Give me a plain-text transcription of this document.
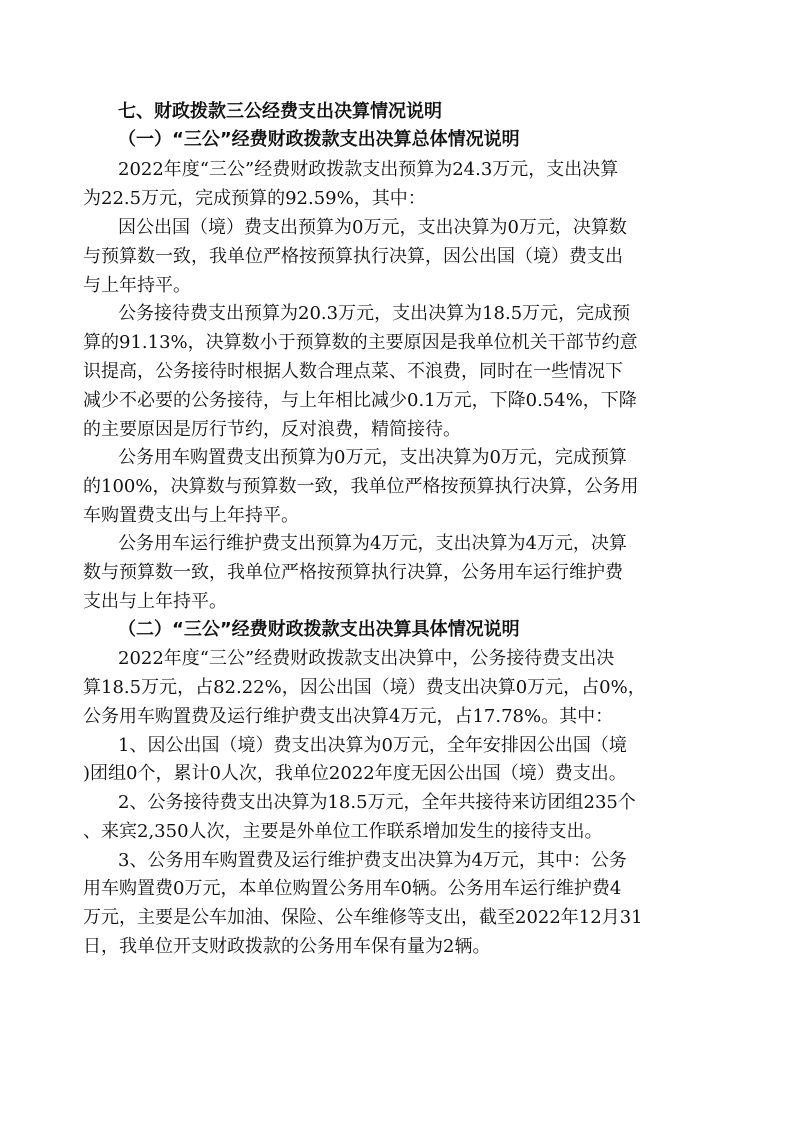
七、财政拨款三公经费支出决算情况说明
（一）“三公”经费财政拨款支出决算总体情况说明
2022年度“三公”经费财政拨款支出预算为24.3万元，支出决算
为22.5万元，完成预算的92.59%，其中：
因公出国（境）费支出预算为0万元，支出决算为0万元，决算数
与预算数一致，我单位严格按预算执行决算，因公出国（境）费支出
与上年持平。
公务接待费支出预算为20.3万元，支出决算为18.5万元，完成预
算的91.13%，决算数小于预算数的主要原因是我单位机关干部节约意
识提高，公务接待时根据人数合理点菜、不浪费，同时在一些情况下
减少不必要的公务接待，与上年相比减少0.1万元，下降0.54%，下降
的主要原因是厉行节约，反对浪费，精简接待。
公务用车购置费支出预算为0万元，支出决算为0万元，完成预算
的100%，决算数与预算数一致，我单位严格按预算执行决算，公务用
车购置费支出与上年持平。
公务用车运行维护费支出预算为4万元，支出决算为4万元，决算
数与预算数一致，我单位严格按预算执行决算，公务用车运行维护费
支出与上年持平。
（二）“三公”经费财政拨款支出决算具体情况说明
2022年度“三公”经费财政拨款支出决算中，公务接待费支出决
算18.5万元，占82.22%，因公出国（境）费支出决算0万元，占0%，
公务用车购置费及运行维护费支出决算4万元，占17.78%。其中：
1、因公出国（境）费支出决算为0万元，全年安排因公出国（境
)团组0个，累计0人次，我单位2022年度无因公出国（境）费支出。
2、公务接待费支出决算为18.5万元，全年共接待来访团组235个
、来宾2,350人次，主要是外单位工作联系增加发生的接待支出。
3、公务用车购置费及运行维护费支出决算为4万元，其中：公务
用车购置费0万元，本单位购置公务用车0辆。公务用车运行维护费4
万元，主要是公车加油、保险、公车维修等支出，截至2022年12月31
日，我单位开支财政拨款的公务用车保有量为2辆。
